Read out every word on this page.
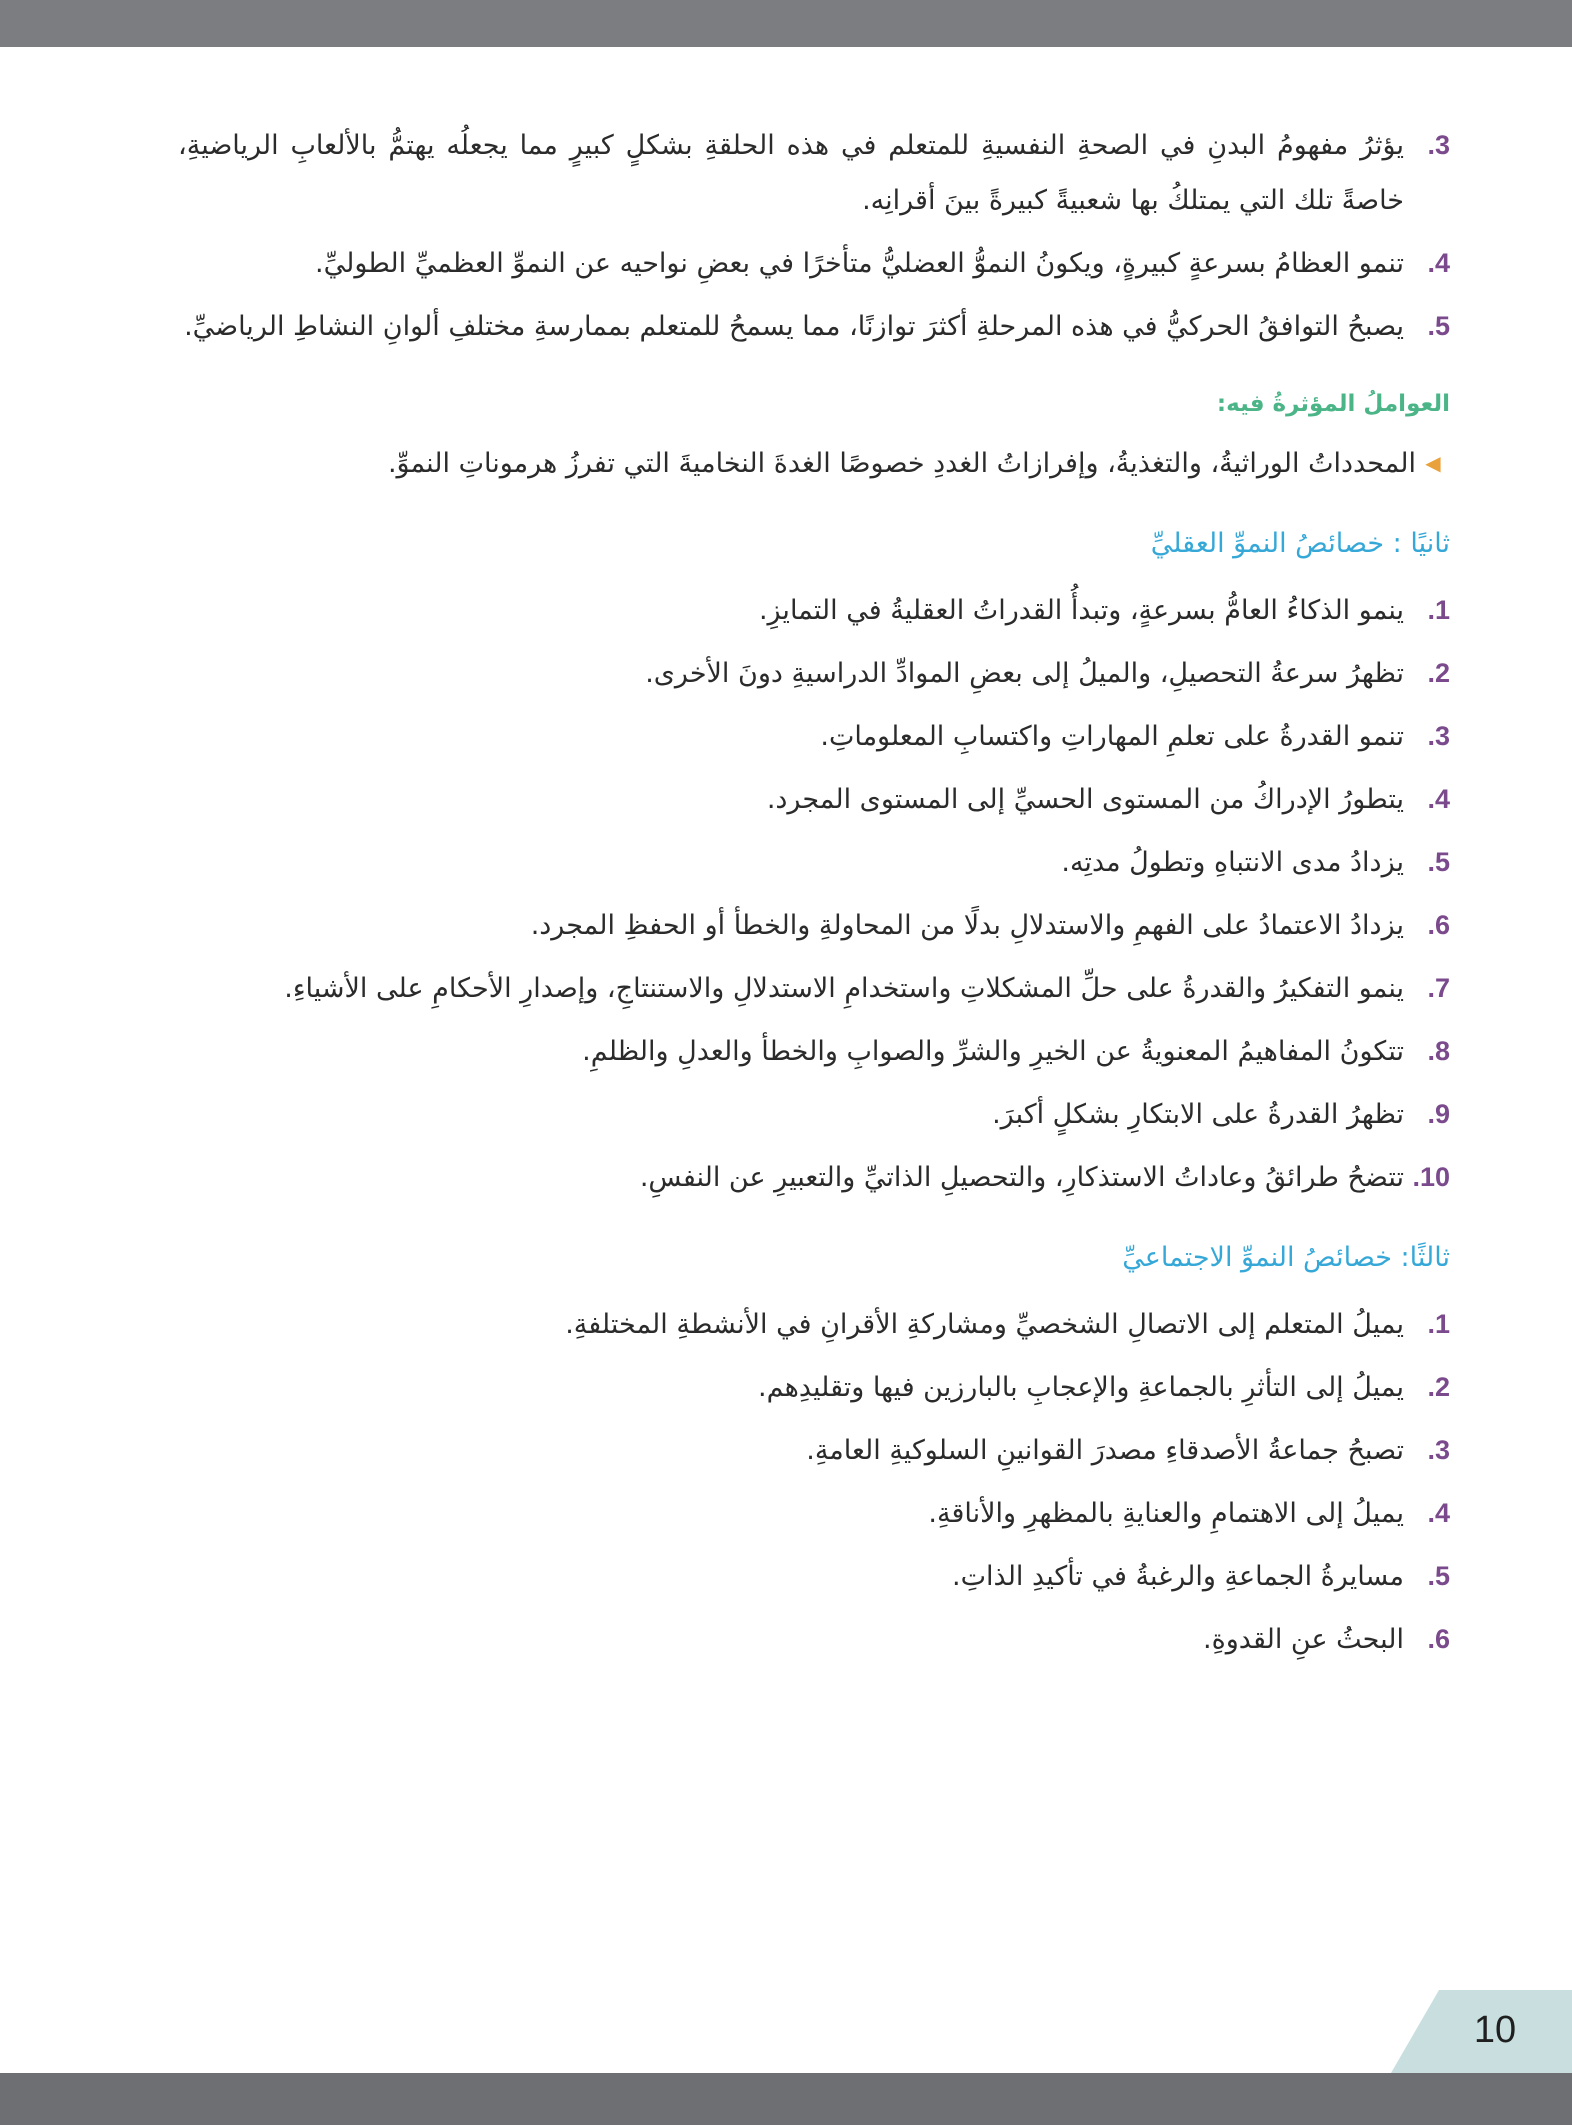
.3
يؤثرُ مفهومُ البدنِ في الصحةِ النفسيةِ للمتعلم في هذه الحلقةِ بشكلٍ كبيرٍ مما يجعلُه يهتمُّ بالألعابِ الرياضيةِ، خاصةً تلك التي يمتلكُ بها شعبيةً كبيرةً بينَ أقرانِه.
.4
تنمو العظامُ بسرعةٍ كبيرةٍ، ويكونُ النموُّ العضليُّ متأخرًا في بعضِ نواحيه عن النموِّ العظميِّ الطوليِّ.
.5
يصبحُ التوافقُ الحركيُّ في هذه المرحلةِ أكثرَ توازنًا، مما يسمحُ للمتعلم بممارسةِ مختلفِ ألوانِ النشاطِ الرياضيِّ.
العواملُ المؤثرةُ فيه:
◀
المحدداتُ الوراثيةُ، والتغذيةُ، وإفرازاتُ الغددِ خصوصًا الغدةَ النخاميةَ التي تفرزُ هرموناتِ النموِّ.
ثانيًا : خصائصُ النموِّ العقليِّ
.1
ينمو الذكاءُ العامُّ بسرعةٍ، وتبدأُ القدراتُ العقليةُ في التمايزِ.
.2
تظهرُ سرعةُ التحصيلِ، والميلُ إلى بعضِ الموادِّ الدراسيةِ دونَ الأخرى.
.3
تنمو القدرةُ على تعلمِ المهاراتِ واكتسابِ المعلوماتِ.
.4
يتطورُ الإدراكُ من المستوى الحسيِّ إلى المستوى المجرد.
.5
يزدادُ مدى الانتباهِ وتطولُ مدتِه.
.6
يزدادُ الاعتمادُ على الفهمِ والاستدلالِ بدلًا من المحاولةِ والخطأ أو الحفظِ المجرد.
.7
ينمو التفكيرُ والقدرةُ على حلِّ المشكلاتِ واستخدامِ الاستدلالِ والاستنتاجِ، وإصدارِ الأحكامِ على الأشياءِ.
.8
تتكونُ المفاهيمُ المعنويةُ عن الخيرِ والشرِّ والصوابِ والخطأ والعدلِ والظلمِ.
.9
تظهرُ القدرةُ على الابتكارِ بشكلٍ أكبرَ.
.10
تتضحُ طرائقُ وعاداتُ الاستذكارِ، والتحصيلِ الذاتيِّ والتعبيرِ عن النفسِ.
ثالثًا: خصائصُ النموِّ الاجتماعيِّ
.1
يميلُ المتعلم إلى الاتصالِ الشخصيِّ ومشاركةِ الأقرانِ في الأنشطةِ المختلفةِ.
.2
يميلُ إلى التأثرِ بالجماعةِ والإعجابِ بالبارزين فيها وتقليدِهم.
.3
تصبحُ جماعةُ الأصدقاءِ مصدرَ القوانينِ السلوكيةِ العامةِ.
.4
يميلُ إلى الاهتمامِ والعنايةِ بالمظهرِ والأناقةِ.
.5
مسايرةُ الجماعةِ والرغبةُ في تأكيدِ الذاتِ.
.6
البحثُ عنِ القدوةِ.
10
